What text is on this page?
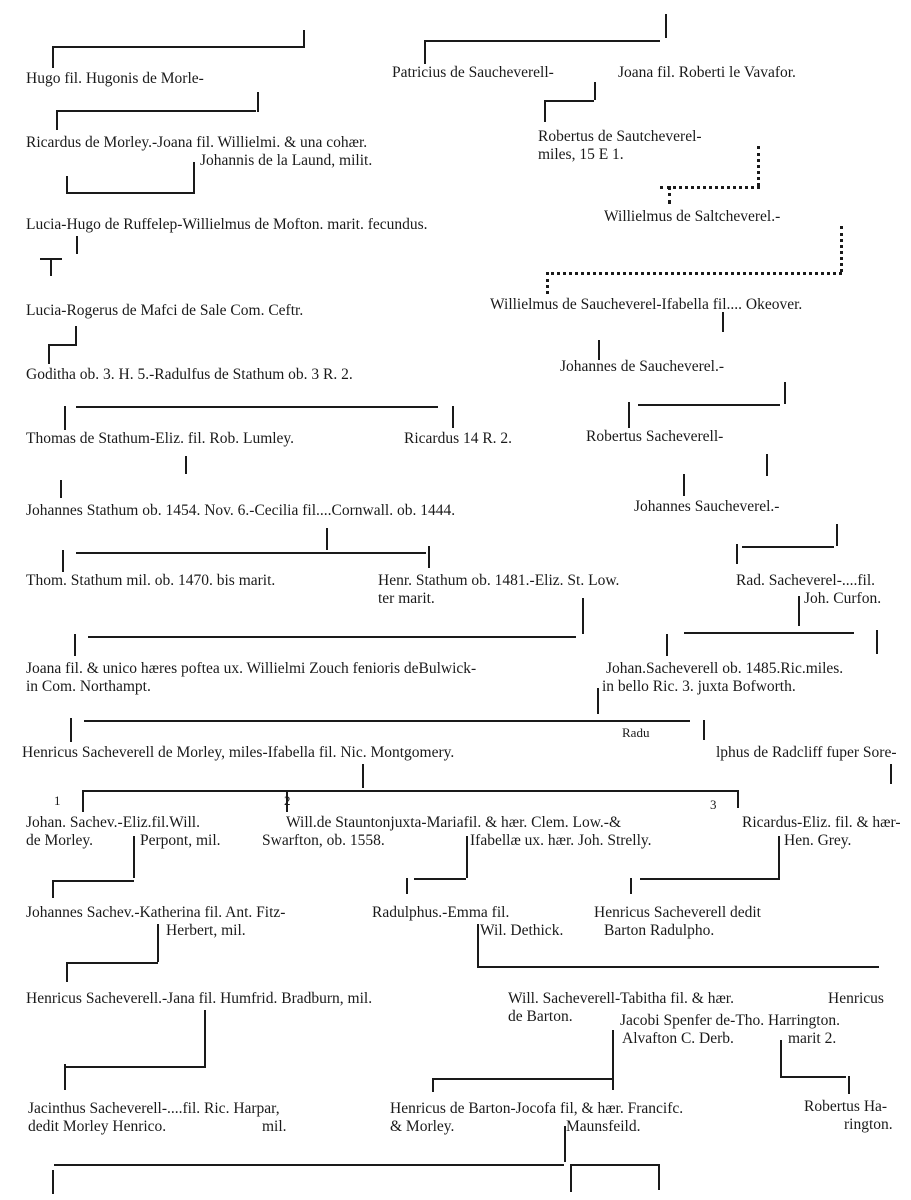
Hugo fil. Hugonis de Morle-
Ricardus de Morley.-Joana fil. Willielmi. & una cohær.
Johannis de la Laund, milit.
Lucia-Hugo de Ruffelep-Willielmus de Mofton. marit. fecundus.
Lucia-Rogerus de Mafci de Sale Com. Ceftr.
Goditha ob. 3. H. 5.-Radulfus de Stathum ob. 3 R. 2.
Thomas de Stathum-Eliz. fil. Rob. Lumley.	Ricardus 14 R. 2.
Johannes Stathum ob. 1454. Nov. 6.-Cecilia fil....Cornwall. ob. 1444.
Thom. Stathum mil. ob. 1470. bis marit.	Henr. Stathum ob. 1481.-Eliz. St. Low.
ter marit.
Joana fil. & unico hæres poftea ux. Willielmi Zouch fenioris deBulwick-
in Com. Northampt.
Henricus Sacheverell de Morley, miles-Ifabella fil. Nic. Montgomery.
1	2
Johan. Sachev.-Eliz.fil.Will.
de Morley.	Perpont, mil.
Will.de Stauntonjuxta-Mariafil. & hær. Clem. Low.-&
Swarfton, ob. 1558.	Ifabellæ ux. hær. Joh. Strelly.
Johannes Sachev.-Katherina fil. Ant. Fitz-
Herbert, mil.
Radulphus.-Emma fil.
Wil. Dethick.
Henricus Sacheverell.-Jana fil. Humfrid. Bradburn, mil.
Jacinthus Sacheverell-....fil. Ric. Harpar,
dedit Morley Henrico.	mil.
Patricius de Saucheverell-	Joana fil. Roberti le Vavafor.
Robertus de Sautcheverel-
miles, 15 E 1.
Willielmus de Saltcheverel.-
Willielmus de Saucheverel-Ifabella fil.... Okeover.
Johannes de Saucheverel.-
Robertus Sacheverell-
Johannes Saucheverel.-
Rad. Sacheverel-....fil.
Joh. Curfon.
Johan.Sacheverell ob. 1485.Ric.miles.
in bello Ric. 3. juxta Bofworth.
Radu
lphus de Radcliff fuper Sore-
3
Ricardus-Eliz. fil. & hær-
Hen. Grey.
Henricus Sacheverell dedit
Barton Radulpho.
Will. Sacheverell-Tabitha fil. & hær.	Henricus
de Barton.	Jacobi Spenfer de-Tho. Harrington.
Alvafton C. Derb.	marit 2.
Henricus de Barton-Jocofa fil, & hær. Francifc.
& Morley.	Maunsfeild.
Robertus Ha-
rington.
